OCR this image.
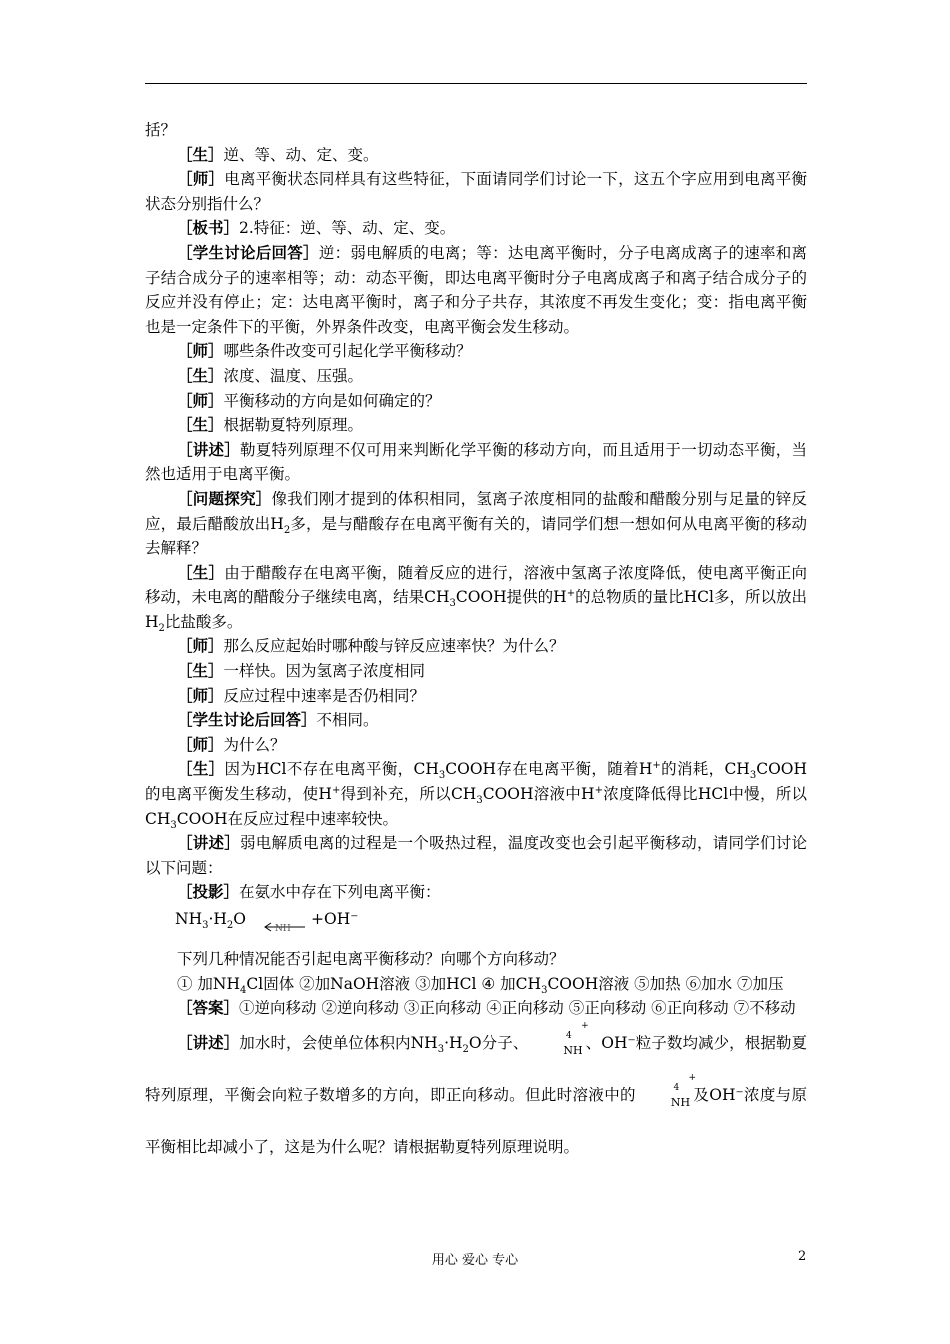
括？

［生］逆、等、动、定、变。

［师］电离平衡状态同样具有这些特征，下面请同学们讨论一下，这五个字应用到电离平衡状态分别指什么？

［板书］2.特征：逆、等、动、定、变。

［学生讨论后回答］逆：弱电解质的电离；等：达电离平衡时，分子电离成离子的速率和离子结合成分子的速率相等；动：动态平衡，即达电离平衡时分子电离成离子和离子结合成分子的反应并没有停止；定：达电离平衡时，离子和分子共存，其浓度不再发生变化；变：指电离平衡也是一定条件下的平衡，外界条件改变，电离平衡会发生移动。

［师］哪些条件改变可引起化学平衡移动？

［生］浓度、温度、压强。

［师］平衡移动的方向是如何确定的？

［生］根据勒夏特列原理。

［讲述］勒夏特列原理不仅可用来判断化学平衡的移动方向，而且适用于一切动态平衡，当然也适用于电离平衡。

［问题探究］像我们刚才提到的体积相同，氢离子浓度相同的盐酸和醋酸分别与足量的锌反应，最后醋酸放出$H_2$多，是与醋酸存在电离平衡有关的，请同学们想一想如何从电离平衡的移动去解释？

［生］由于醋酸存在电离平衡，随着反应的进行，溶液中氢离子浓度降低，使电离平衡正向移动，未电离的醋酸分子继续电离，结果$CH_3COOH$提供的H+的总物质的量比HCl多，所以放出$H_2$比盐酸多。

［师］那么反应起始时哪种酸与锌反应速率快？为什么？

［生］一样快。因为氢离子浓度相同

［师］反应过程中速率是否仍相同？

［学生讨论后回答］不相同。

［师］为什么？

［生］因为HCl不存在电离平衡，$CH_3COOH$存在电离平衡，随着H+的消耗，$CH_3COOH$的电离平衡发生移动，使H+得到补充，所以$CH_3COOH$溶液中H+浓度降低得比HCl中慢，所以$CH_3COOH$在反应过程中速率较快。

［讲述］弱电解质电离的过程是一个吸热过程，温度改变也会引起平衡移动，请同学们讨论以下问题：

［投影］在氨水中存在下列电离平衡：

$NH_3\cdot H_2O$
NH
+OH⁻

下列几种情况能否引起电离平衡移动？向哪个方向移动？

① 加$NH_4Cl$固体 ②加NaOH溶液 ③加HCl ④ 加$CH_3COOH$溶液 ⑤加热 ⑥加水 ⑦加压

［答案］①逆向移动 ②逆向移动 ③正向移动 ④正向移动 ⑤正向移动 ⑥正向移动 ⑦不移动

［讲述］加水时，会使单位体积内$NH_3\cdot H_2O$分子、	NH
+
4 、OH⁻粒子数均减少，根据勒夏特列原理，平衡会向粒子数增多的方向，即正向移动。但此时溶液中的	NH
+
4 及OH⁻浓度与原平衡相比却减小了，这是为什么呢？请根据勒夏特列原理说明。

用心 爱心 专心	2
